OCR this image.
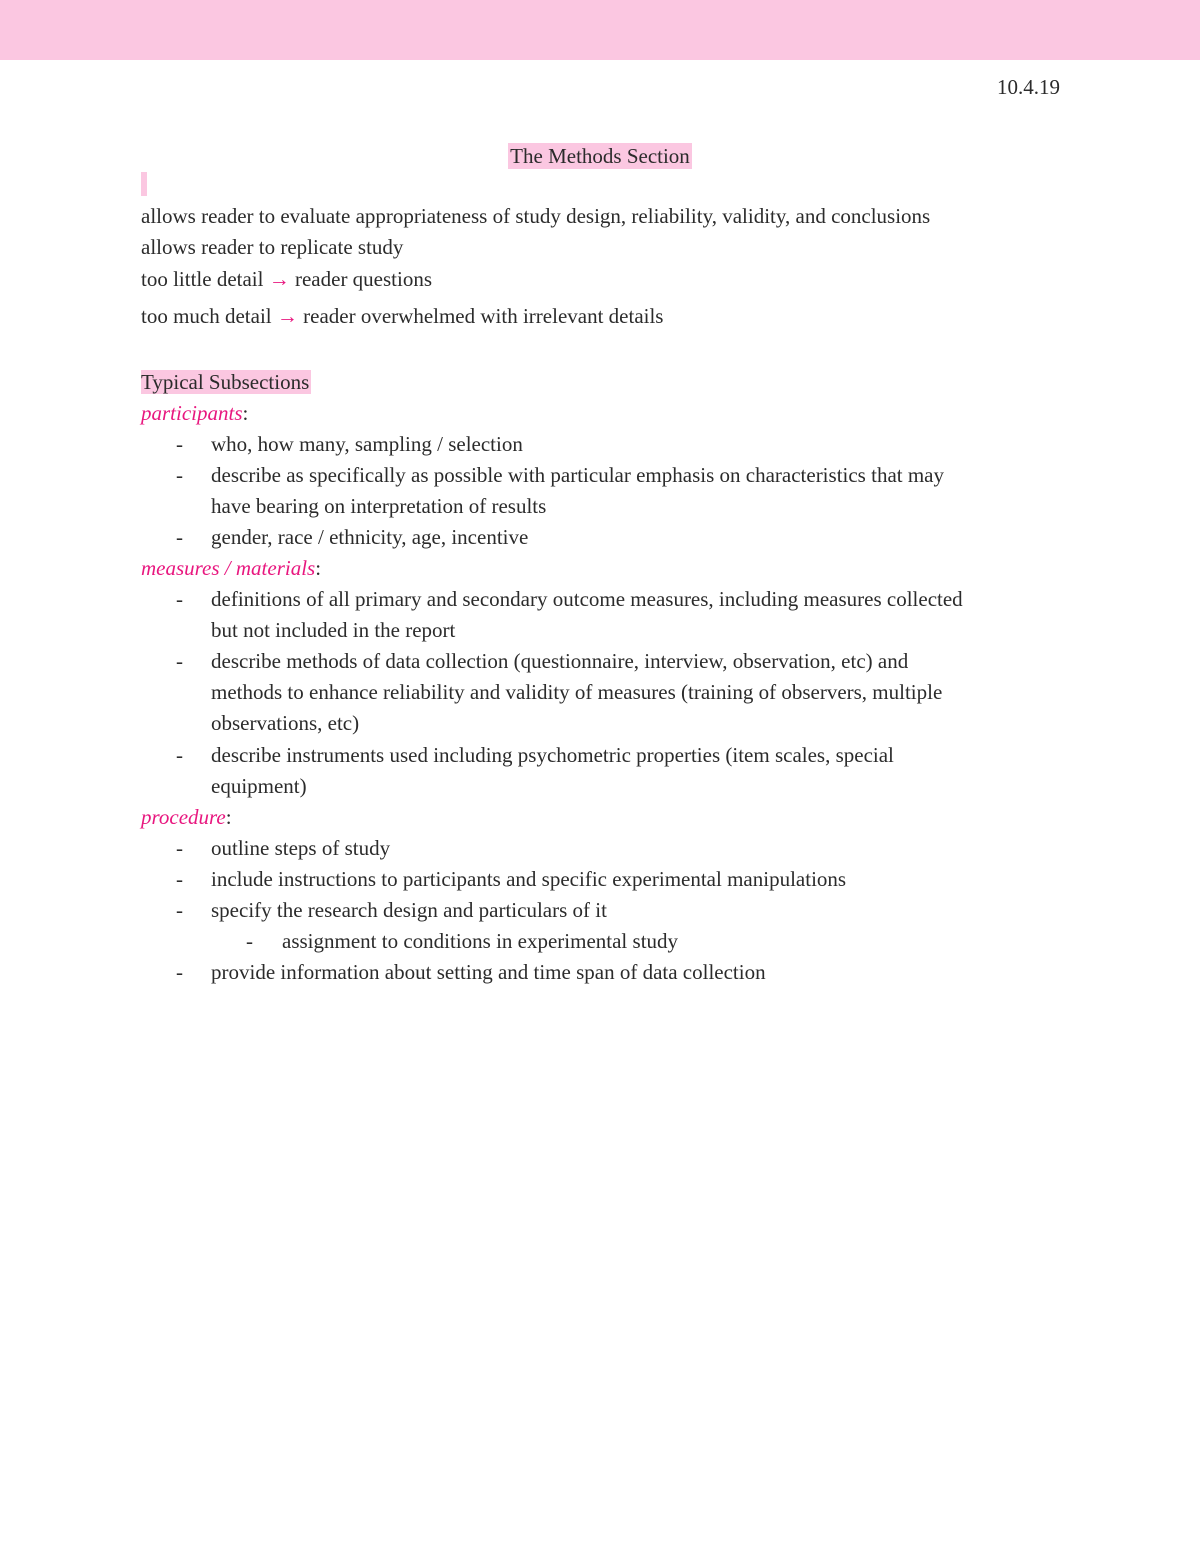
10.4.19
The Methods Section
allows reader to evaluate appropriateness of study design, reliability, validity, and conclusions
allows reader to replicate study
too little detail → reader questions
too much detail → reader overwhelmed with irrelevant details
Typical Subsections
participants:
- who, how many, sampling / selection
- describe as specifically as possible with particular emphasis on characteristics that may
have bearing on interpretation of results
- gender, race / ethnicity, age, incentive
measures / materials:
- definitions of all primary and secondary outcome measures, including measures collected
but not included in the report
- describe methods of data collection (questionnaire, interview, observation, etc) and
methods to enhance reliability and validity of measures (training of observers, multiple
observations, etc)
- describe instruments used including psychometric properties (item scales, special
equipment)
procedure:
- outline steps of study
- include instructions to participants and specific experimental manipulations
- specify the research design and particulars of it
- assignment to conditions in experimental study
- provide information about setting and time span of data collection
